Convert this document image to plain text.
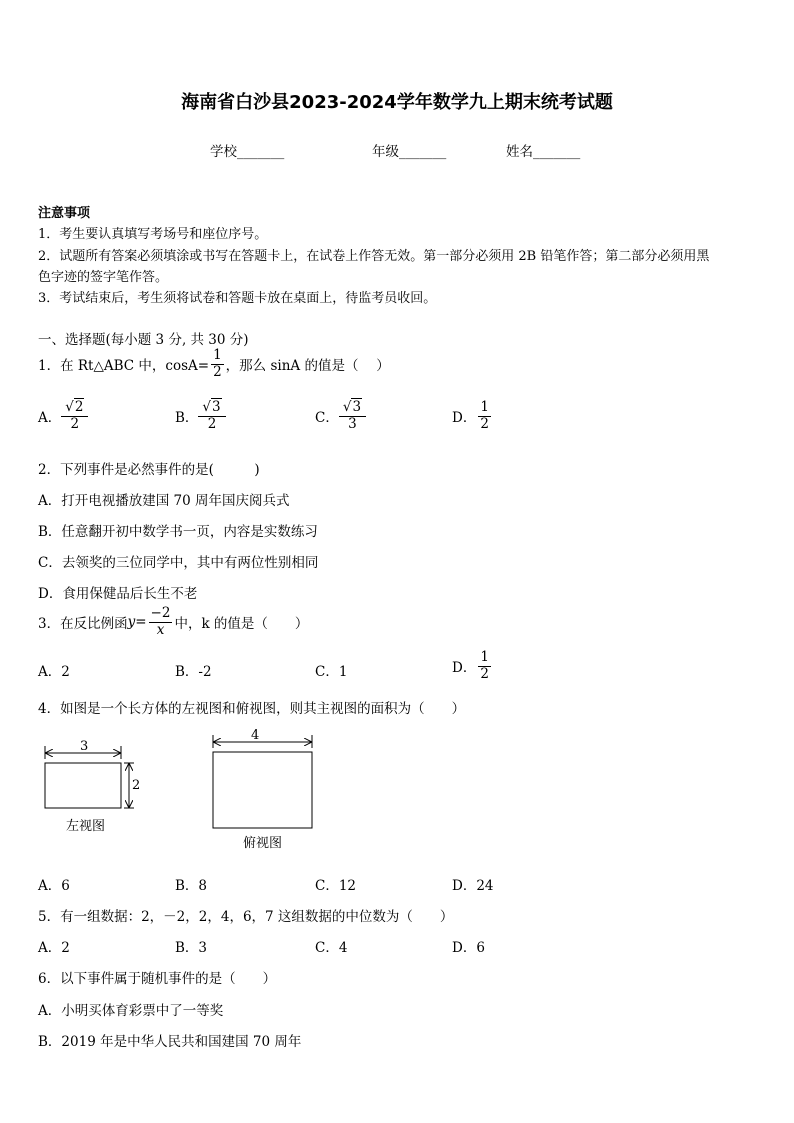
海南省白沙县2023-2024学年数学九上期末统考试题
学校_______	年级_______	姓名_______
注意事项
1．考生要认真填写考场号和座位序号。
2．试题所有答案必须填涂或书写在答题卡上，在试卷上作答无效。第一部分必须用 2B 铅笔作答；第二部分必须用黑
色字迹的签字笔作答。
3．考试结束后，考生须将试卷和答题卡放在桌面上，待监考员收回。
一、选择题(每小题 3 分, 共 30 分)
1．在 Rt△ABC 中，$\cos A= \frac{1}{2}$ ，那么 sinA 的值是（　 ）
A． $\frac{√2}{2}$	B． $\frac{√3}{2}$	C． $\frac{√3}{3}$	D． $\frac{1}{2}$
2．下列事件是必然事件的是(　　　)
A．打开电视播放建国 70 周年国庆阅兵式
B．任意翻开初中数学书一页，内容是实数练习
C．去领奖的三位同学中，其中有两位性别相同
D．食用保健品后长生不老
3．在反比例函 $y = \frac{-2}{x}$ 中，k 的值是（　　）
A．2	B．-2	C．1	D． $\frac{1}{2}$
4．如图是一个长方体的左视图和俯视图，则其主视图的面积为（　　）
3
2
左视图
4
俯视图
A．6	B．8	C．12	D．24
5．有一组数据：2，－2，2，4，6，7 这组数据的中位数为（　　）
A．2	B．3	C．4	D．6
6．以下事件属于随机事件的是（　　）
A．小明买体育彩票中了一等奖
B．2019 年是中华人民共和国建国 70 周年
